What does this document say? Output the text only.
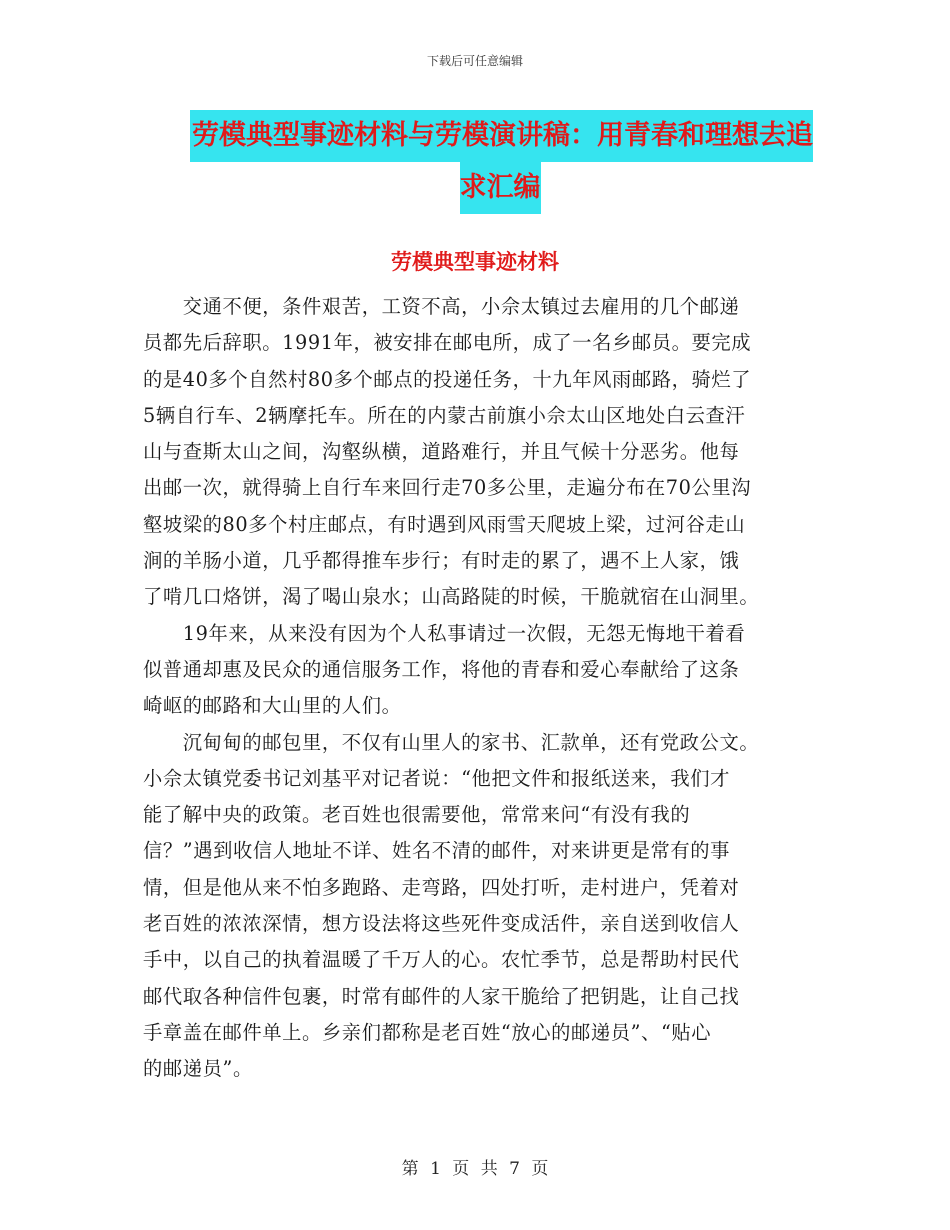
下载后可任意编辑
劳模典型事迹材料与劳模演讲稿：用青春和理想去追
求汇编
劳模典型事迹材料
　　交通不便，条件艰苦，工资不高，小佘太镇过去雇用的几个邮递
员都先后辞职。1991年，被安排在邮电所，成了一名乡邮员。要完成
的是40多个自然村80多个邮点的投递任务，十九年风雨邮路，骑烂了
5辆自行车、2辆摩托车。所在的内蒙古前旗小佘太山区地处白云查汗
山与查斯太山之间，沟壑纵横，道路难行，并且气候十分恶劣。他每
出邮一次，就得骑上自行车来回行走70多公里，走遍分布在70公里沟
壑坡梁的80多个村庄邮点，有时遇到风雨雪天爬坡上梁，过河谷走山
涧的羊肠小道，几乎都得推车步行；有时走的累了，遇不上人家，饿
了啃几口烙饼，渴了喝山泉水；山高路陡的时候，干脆就宿在山洞里。
　　19年来，从来没有因为个人私事请过一次假，无怨无悔地干着看
似普通却惠及民众的通信服务工作，将他的青春和爱心奉献给了这条
崎岖的邮路和大山里的人们。
　　沉甸甸的邮包里，不仅有山里人的家书、汇款单，还有党政公文。
小佘太镇党委书记刘基平对记者说：“他把文件和报纸送来，我们才
能了解中央的政策。老百姓也很需要他，常常来问“有没有我的
信？”遇到收信人地址不详、姓名不清的邮件，对来讲更是常有的事
情，但是他从来不怕多跑路、走弯路，四处打听，走村进户，凭着对
老百姓的浓浓深情，想方设法将这些死件变成活件，亲自送到收信人
手中，以自己的执着温暖了千万人的心。农忙季节，总是帮助村民代
邮代取各种信件包裹，时常有邮件的人家干脆给了把钥匙，让自己找
手章盖在邮件单上。乡亲们都称是老百姓“放心的邮递员”、“贴心
的邮递员”。
第 1 页 共 7 页
